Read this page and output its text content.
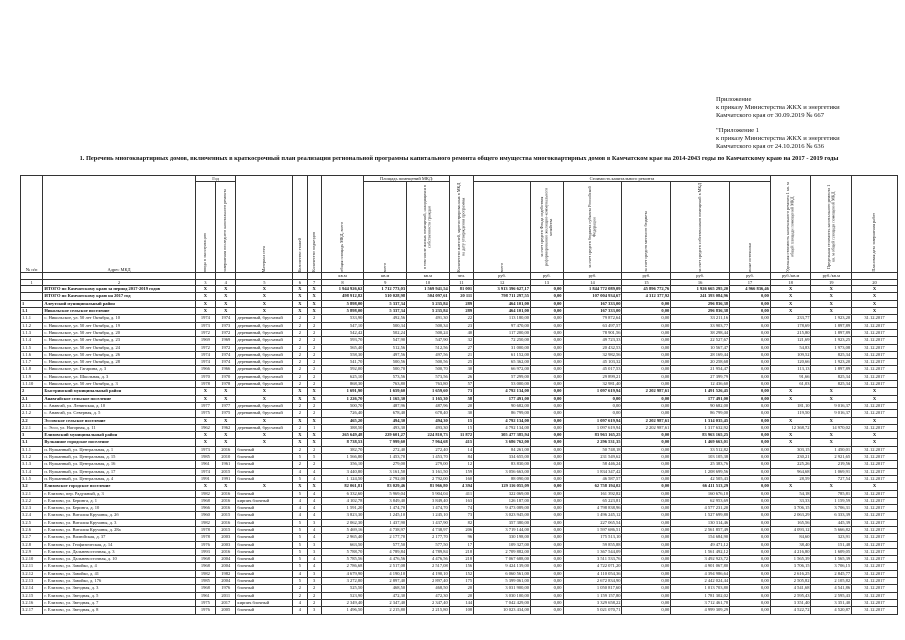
Приложение
к приказу Министерства ЖКХ и энергетики
Камчатского края от 30.09.2019 № 667
"Приложение 1
к приказу Министерства ЖКХ и энергетики
Камчатского края от 24.10.2016 № 636
1. Перечень многоквартирных домов, включенных в краткосрочный план реализации региональной программы капитального ремонта общего имущества многоквартирных домов в Камчатском крае на 2014-2043 годы по Камчатскому краю на 2017 - 2019 годы
№ п/п	Адрес МКД	Год		Материал стен	Количество этажей	Количество подъездов	общая площадь МКД, всего	Площадь помещений МКД:		Количество жителей, зарегистрированных в МКД на дату утверждения программы	Стоимость капитального ремонта						Удельная стоимость капитального ремонта 1 кв. м общей площади помещений МКД	Предельная стоимость капитального ремонта 1 кв. м общей площади помещений МКД	Плановая дата завершения работ

		ввода в эксплуатацию	завершения последнего капитального ремонта					всего	в том числе жилых помещений, находящихся в собственности граждан		всего	за счет средств Фонда содействия реформированию жилищно-коммунального хозяйства	за счет средств бюджета субъекта Российской Федерации	за счет средств местного бюджета	за счет средств собственников помещений в МКД	иные источники			

							кв.м	кв.м	кв.м	чел.	руб.	руб.	руб.	руб.	руб.	руб.	руб./кв.м	руб./кв.м	
1	2	3	4	5	6	7	8	9	10	11	12	13	14	15	16	17	18	19	20
	ИТОГО по Камчатскому краю за период 2017-2019 годов	X	X	X	X	X	1 944 926,62	1 712 773,03	1 569 941,54	81 001	3 913 396 627,17	0,00	1 844 772 089,09	45 896 772,76	1 926 665 295,20	4 966 836,46	X	X	X
	ИТОГО по Камчатскому краю на 2017 год	X	X	X	X	X	498 912,82	510 028,98	504 097,61	20 111	798 711 297,55	0,00	107 004 934,67	4 312 377,92	241 393 084,96	0,00	X	X	X
1	Алеутский муниципальный район	X	X	X	X	X	5 898,00	5 337,34	5 235,84	289	464 101,00	0,00	167 333,00	0,00	296 836,38	0,00	X	X	X
1.1	Никольское сельское поселение	X	X	X	X	X	5 898,00	5 337,34	5 235,84	289	464 101,00	0,00	167 333,00	0,00	296 836,38	0,00	X	X	X
1.1.1	с. Никольское, ул. 50 лет Октября, д. 10	1974	1974	деревянный, брусчатый	2	2	533,90	492,56	491,30	22	113 180,00	0,00	79 872,64	0,00	33 211,16	0,00	233,77	1 923,20	31.12.2017
1.1.2	с. Никольское, ул. 50 лет Октября, д. 19	1973	1973	деревянный, брусчатый	2	2	547,10	500,34	500,34	23	97 470,00	0,00	63 497,57	0,00	33 903,77	0,00	178,69	1 897,89	31.12.2017
1.1.3	с. Никольское, ул. 50 лет Октября, д. 20	1972	1972	деревянный, брусчатый	2	2	542,42	502,24	500,24	40	117 200,00	0,00	78 901,56	0,00	38 298,44	0,00	215,80	1 897,89	31.12.2017
1.1.4	с. Никольское, ул. 50 лет Октября, д. 23	1969	1969	деревянный, брусчатый	2	2	593,70	547,90	547,90	32	72 250,00	0,00	49 723,33	0,00	22 527,67	0,00	121,69	1 923,25	31.12.2017
1.1.5	с. Никольское, ул. 50 лет Октября, д. 24	1972	1972	деревянный, брусчатый	2	2	565,40	512,56	512,56	27	31 000,00	0,00	20 432,53	0,00	10 567,47	0,00	54,83	1 973,08	31.12.2017
1.1.6	с. Никольское, ул. 50 лет Октября, д. 26	1974	1974	деревянный, брусчатый	2	2	558,30	497,56	497,56	21	61 152,00	0,00	32 982,56	0,00	28 169,44	0,00	109,52	825,34	31.12.2017
1.1.7	с. Никольское, ул. 50 лет Октября, д. 28	1974	1974	деревянный, брусчатый	2	2	541,70	500,56	500,56	25	65 362,00	0,00	45 103,32	0,00	20 258,68	0,00	120,66	1 923,20	31.12.2017
1.1.8	с. Никольское, ул. Гагарина, д. 3	1966	1966	деревянный, брусчатый	2	2	592,00	500,70	500,70	30	66 972,00	0,00	45 017,53	0,00	21 954,47	0,00	113,13	1 897,89	31.12.2017
1.1.9	с. Никольское, ул. Школьная, д. 3	1970	1970	деревянный, брусчатый	2	2	625,10	573,56	573,56	26	57 299,00	0,00	29 899,21	0,00	27 399,79	0,00	91,66	825,34	31.12.2017
1.1.10	с. Никольское, ул. 50 лет Октября, д. 3	1978	1978	деревянный, брусчатый	2	2	868,30	763,80	763,80	57	53 000,00	0,00	32 981,40	0,00	12 436,60	0,00	61,03	825,34	31.12.2017
2	Быстринский муниципальный район	X	X	X	X	X	1 691,90	1 659,60	1 659,60	73	4 792 134,00	0,00	1 097 619,94	2 202 987,61	1 491 526,45	0,00	X	X	X
2.1	Анавгайское сельское поселение	X	X	X	X	X	1 226,70	1 165,30	1 165,30	58	177 491,00	0,00	0,00	0,00	177 491,00	0,00	X	X	X
2.1.1	с. Анавгай, ул. Ленинская, д. 10	1977	1977	деревянный, брусчатый	2	2	500,70	487,96	487,96	20	90 682,00	0,00	0,00	0,00	90 682,00	0,00	181,10	9 016,37	31.12.2017
2.1.2	с. Анавгай, ул. Северная, д. 5	1975	1975	деревянный, брусчатый	2	2	726,40	678,40	678,40	30	86 799,00	0,00	0,00	0,00	86 799,00	0,00	119,50	9 016,37	31.12.2017
2.2	Эссовское сельское поселение	X	X	X	X	X	465,20	494,30	494,30	15	4 792 134,00	0,00	1 097 619,94	2 202 987,61	1 314 035,45	0,00	X	X	X
2.2.1	с. Эссо, ул. Нагорная, д. 11	1962	1962	деревянный, брусчатый	2	1	388,50	493,30	493,30	15	4 792 134,00	0,00	1 097 619,94	2 202 987,61	1 317 632,92	0,00	12 368,72	14 970,02	31.12.2017
3	Елизовский муниципальный район	X	X	X	X	X	265 649,48	229 601,27	224 810,73	11 872	305 477 385,94	0,00	83 963 165,25	0,00	83 963 165,25	0,00	X	X	X
3.1	Вулканное городское поселение	X	X	X	X	X	8 738,53	7 999,60	7 964,68	415	3 686 762,00	0,00	2 296 531,35	0,00	1 469 663,01	0,00	X	X	X
3.1.1	п. Вулканный, ул. Центральная, д. 1	1973	2016	блочный	2	2	382,70	272,40	272,40	14	84 261,00	0,00	50 748,18	0,00	33 512,82	0,00	303,15	1 450,01	31.12.2017
3.1.2	п. Вулканный, ул. Центральная, д. 15	1985	2010	блочный	5	5	1 566,80	1 453,70	1 453,70	84	334 655,00	0,00	231 549,62	0,00	103 105,38	0,00	230,21	2 921,65	31.12.2017
3.1.3	п. Вулканный, ул. Центральная, д. 16	1961	1961	блочный	2	2	356,10	279,00	279,00	12	83 830,00	0,00	58 446,24	0,00	25 383,76	0,00	225,26	219,56	31.12.2017
3.1.4	п. Вулканный, ул. Центральная, д. 17	1974	2015	блочный	4	4	3 440,80	3 161,50	3 161,50	159	3 056 663,00	0,00	1 834 347,42	0,00	1 208 699,56	0,00	964,68	1 069,91	31.12.2017
3.1.5	п. Вулканный, ул. Центральная, д. 4	1991	1991	блочный	5	4	1 124,50	2 792,00	2 792,00	160	88 090,00	0,00	46 587,57	0,00	42 505,43	0,00	28,59	727,54	31.12.2017
3.2	Елизовское городское поселение	X	X	X	X	X	82 061,81	83 029,46	81 966,80	4 394	129 116 055,09	0,00	62 758 194,02	0,00	66 411 513,29	0,00	X	X	X
3.2.1	г. Елизово, пер. Радужный, д. 3	1982	2016	блочный	5	4	6 332,60	5 969,04	5 904,04	411	322 069,00	0,00	161 392,82	0,00	160 676,18	0,00	54,18	785,81	31.12.2017
3.2.2	г. Елизово, ул. Беринга, д. 1	1968	2016	кирпич.блочный	4	4	4 102,78	3 849,40	3 849,40	163	126 187,00	0,00	65 223,81	0,00	62 953,69	0,00	33,33	1 159,59	31.12.2017
3.2.3	г. Елизово, ул. Беринга, д. 10	1966	2016	блочный	4	4	1 591,20	1 474,70	1 474,70	74	9 473 089,00	0,00	4 798 838,96	0,00	4 577 231,20	0,00	3 706,15	3 706,31	31.12.2017
3.2.4	г. Елизово, ул. Виталия Кручины, д. 2б	1960	2015	блочный	4	4	3 823,30	1 245,10	1 245,10	73	3 023 945,00	0,00	1 496 245,12	0,00	1 527 699,88	0,00	2 063,29	6 333,39	31.12.2017
3.2.5	г. Елизово, ул. Виталия Кручины, д. 3	1982	2016	блочный	5	3	2 062,30	1 437,90	1 437,90	82	357 380,00	0,00	227 065,54	0,00	130 314,46	0,00	165,56	445,39	31.12.2017
3.2.6	г. Елизово, ул. Виталия Кручины, д. 28а	1978	2015	блочный	5	4	5 469,16	4 738,97	4 738,97	206	3 719 144,00	0,00	1 597 686,51	0,00	2 561 857,49	0,00	4 093,12	5 666,82	31.12.2017
3.2.7	г. Елизово, ул. Вилюйская, д. 37	1978	2003	блочный	5	4	2 965,40	2 177,70	2 177,70	96	330 198,00	0,00	175 513,10	0,00	154 684,90	0,00	84,60	323,91	31.12.2017
3.2.8	г. Елизово, ул. Геофизическая, д. 14	1976	2003	блочный	5	3	663,50	577,50	577,50	17	109 327,00	0,00	59 855,88	0,00	49 471,12	0,00	38,40	151,48	31.12.2017
3.2.9	г. Елизово, ул. Дальневосточная, д. 3	1993	2016	блочный	5	3	5 788,70	4 789,84	4 789,84	218	2 709 882,00	0,00	1 367 544,09	0,00	1 561 492,12	0,00	4 216,80	1 609,05	31.12.2017
3.2.10	г. Елизово, ул. Дальневосточная, д. 10	1968	2004	блочный	5	4	5 785,56	4 476,56	4 476,56	218	7 067 688,00	0,00	3 511 533,76	0,00	3 492 923,72	0,00	1 565,39	1 565,39	31.12.2017
3.2.11	г. Елизово, ул. Завойко, д. 4	1968	2004	блочный	5	4	2 786,68	2 517,08	2 517,08	156	9 424 139,00	0,00	4 722 071,20	0,00	4 901 067,80	0,00	3 706,15	3 706,15	31.12.2017
3.2.12	г. Елизово, ул. Завойко, д. 41	1982	1982	блочный	4	3	4 679,90	4 190,10	4 190,10	152	6 060 561,00	0,00	4 110 054,36	0,00	4 394 986,64	0,00	2 616,25	2 845,77	31.12.2017
3.2.13	г. Елизово, ул. Завойко, д. 176	1985	2004	блочный	5	3	3 272,80	2 897,40	2 897,40	175	5 399 061,00	0,00	2 672 834,90	0,00	2 442 024,44	0,00	2 505,82	2 105,82	31.12.2017
3.2.14	г. Елизово, ул. Звездная, д. 3	1968	1976	блочный	2	2	525,50	468,50	468,50	20	3 031 900,00	0,00	1 050 817,60	0,00	1 013 703,80	0,00	4 541,68	4 541,86	31.12.2017
3.2.15	г. Елизово, ул. Звездная, д. 5	1961	2011	блочный	2	2	523,90	472,30	472,30	20	3 030 100,00	0,00	1 159 157,80	0,00	1 781 302,02	0,00	2 595,43	2 595,43	31.12.2017
3.2.16	г. Елизово, ул. Звездная, д. 7	1975	2017	кирпич.блочный	4	2	2 349,40	2 347,40	2 347,40	144	7 042 429,00	0,00	3 329 658,22	0,00	3 712 461,78	0,00	3 351,40	3 351,40	31.12.2017
3.2.17	г. Елизово, ул. Звездная, д. 8	1976	2005	блочный	4	3	1 496,50	2 215,80	2 215,80	108	10 023 434,00	0,00	5 021 070,71	0,00	4 999 309,29	0,00	4 522,72	4 520,87	31.12.2017
